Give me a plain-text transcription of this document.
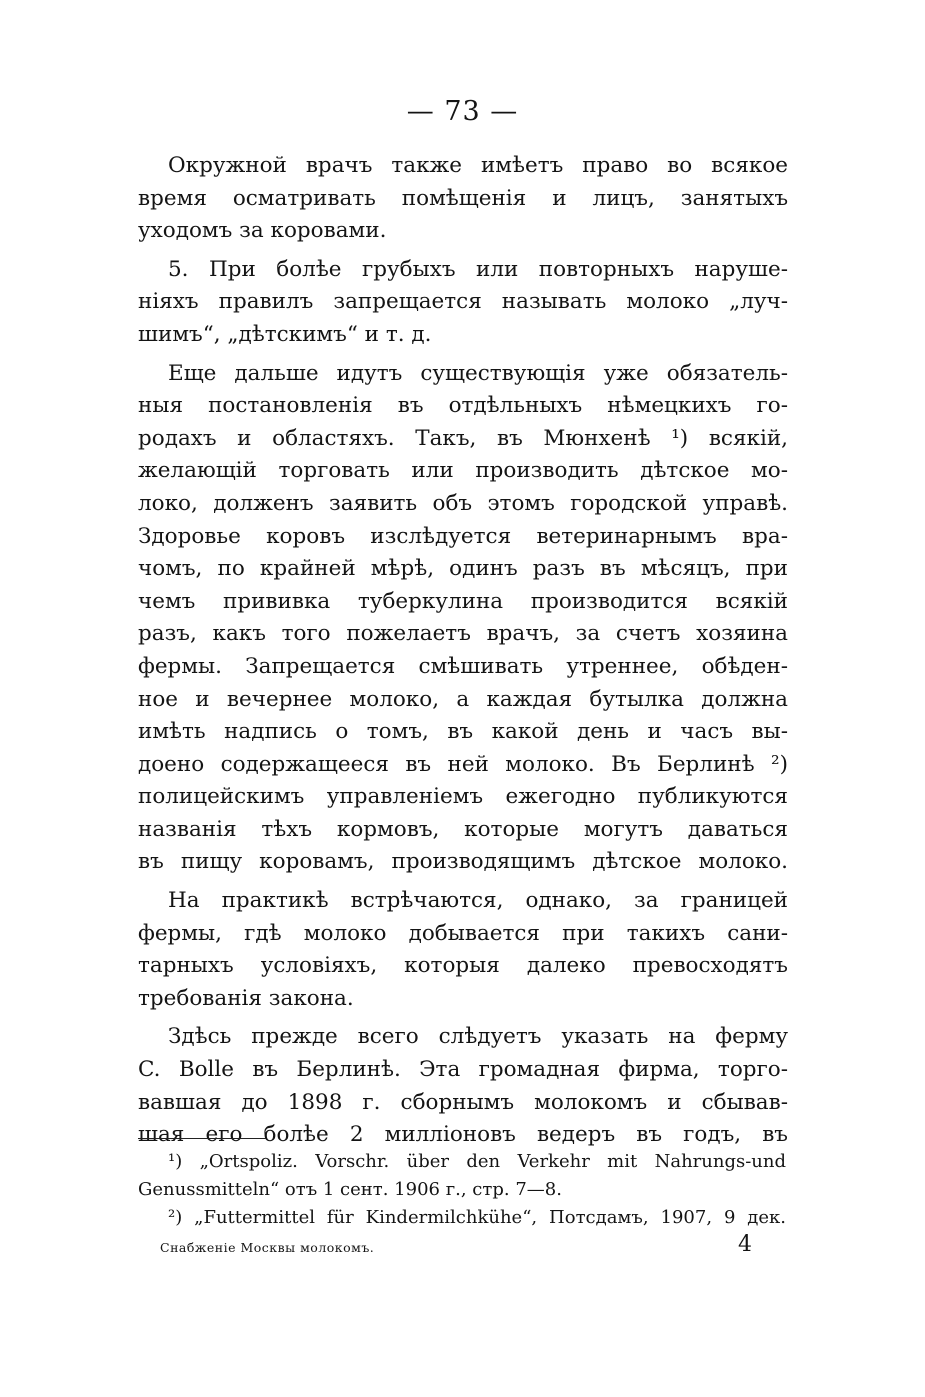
— 73 —

Окружной врачъ также имѣетъ право во всякое
время осматривать помѣщенія и лицъ, занятыхъ
уходомъ за коровами.

5. При болѣе грубыхъ или повторныхъ наруше-
ніяхъ правилъ запрещается называть молоко „луч-
шимъ“, „дѣтскимъ“ и т. д.

Еще дальше идутъ существующія уже обязатель-
ныя постановленія въ отдѣльныхъ нѣмецкихъ го-
родахъ и областяхъ. Такъ, въ Мюнхенѣ ¹) всякій,
желающій торговать или производить дѣтское мо-
локо, долженъ заявить объ этомъ городской управѣ.
Здоровье коровъ изслѣдуется ветеринарнымъ вра-
чомъ, по крайней мѣрѣ, одинъ разъ въ мѣсяцъ, при
чемъ прививка туберкулина производится всякій
разъ, какъ того пожелаетъ врачъ, за счетъ хозяина
фермы. Запрещается смѣшивать утреннее, обѣден-
ное и вечернее молоко, а каждая бутылка должна
имѣть надпись о томъ, въ какой день и часъ вы-
доено содержащееся въ ней молоко. Въ Берлинѣ ²)
полицейскимъ управленіемъ ежегодно публикуются
названія тѣхъ кормовъ, которые могутъ даваться
въ пищу коровамъ, производящимъ дѣтское молоко.

На практикѣ встрѣчаются, однако, за границей
фермы, гдѣ молоко добывается при такихъ сани-
тарныхъ условіяхъ, которыя далеко превосходятъ
требованія закона.

Здѣсь прежде всего слѣдуетъ указать на ферму
C. Bolle въ Берлинѣ. Эта громадная фирма, торго-
вавшая до 1898 г. сборнымъ молокомъ и сбывав-
шая его болѣе 2 милліоновъ ведеръ въ годъ, въ

¹) „Ortspoliz. Vorschr. über den Verkehr mit Nahrungs-und
Genussmitteln“ отъ 1 сент. 1906 г., стр. 7—8.
²) „Futtermittel für Kindermilchkühe“, Потсдамъ, 1907, 9 дек.
Снабженіе Москвы молокомъ.	4
